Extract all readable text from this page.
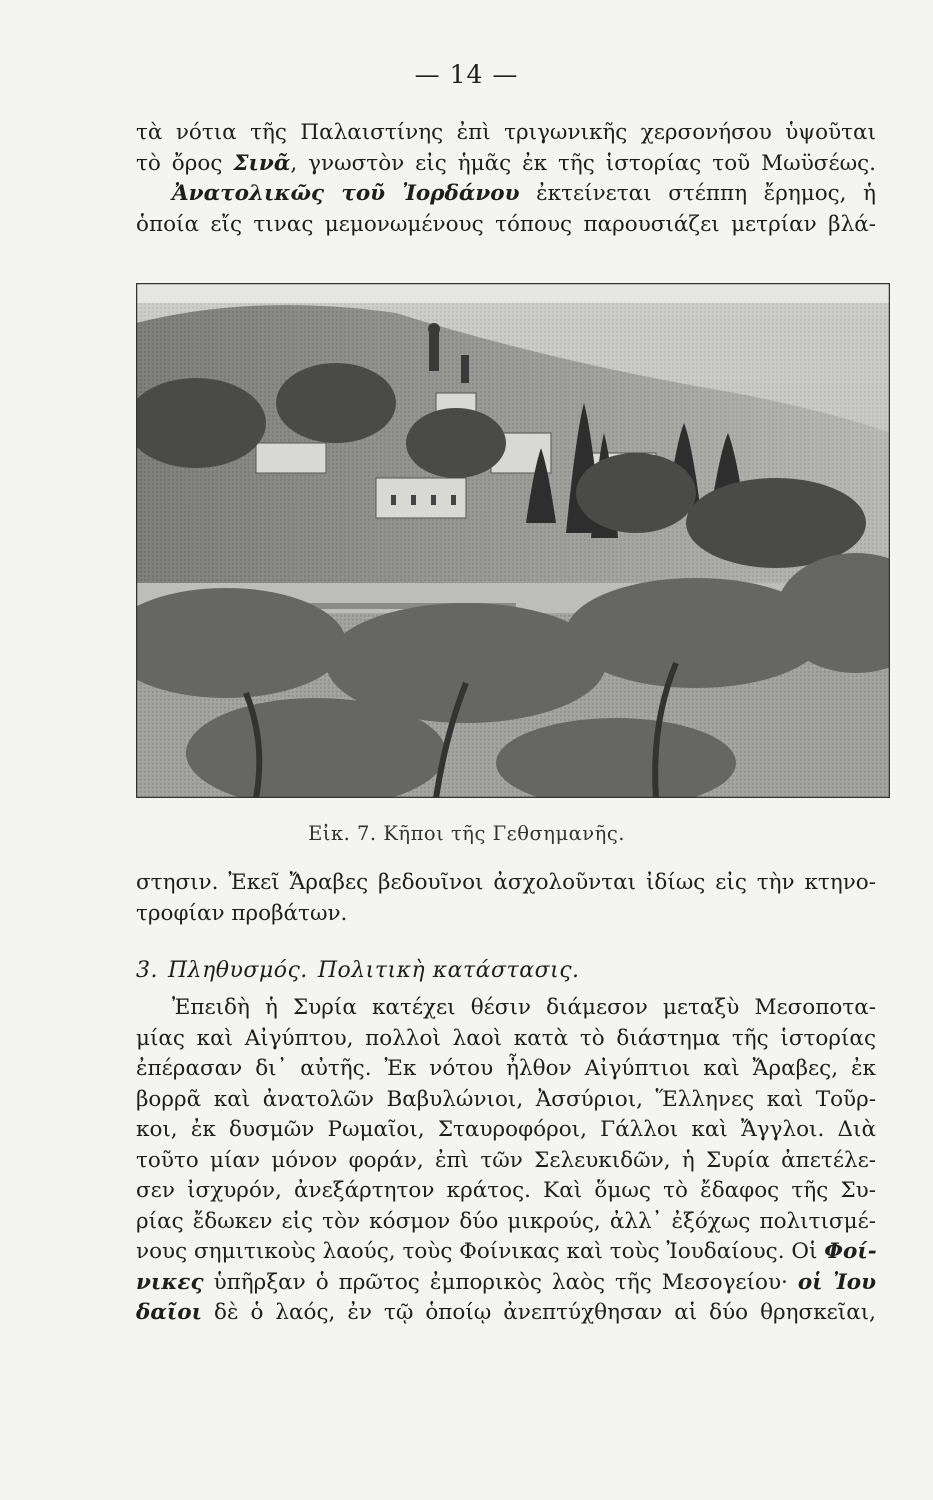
— 14 —
τὰ νότια τῆς Παλαιστίνης ἐπὶ τριγωνικῆς χερσονήσου ὑψοῦται
τὸ ὄρος Σινᾶ, γνωστὸν εἰς ἡμᾶς ἐκ τῆς ἱστορίας τοῦ Μωϋσέως.
Ἀνατολικῶς τοῦ Ἰορδάνου ἐκτείνεται στέππη ἔρημος, ἡ
ὁποία εἴς τινας μεμονωμένους τόπους παρουσιάζει μετρίαν βλά-
Εἰκ. 7. Κῆποι τῆς Γεθσημανῆς.
στησιν. Ἐκεῖ Ἄραβες βεδουῖνοι ἀσχολοῦνται ἰδίως εἰς τὴν κτηνο-
τροφίαν προβάτων.
3. Πληθυσμός. Πολιτικὴ κατάστασις.
Ἐπειδὴ ἡ Συρία κατέχει θέσιν διάμεσον μεταξὺ Μεσοποτα-
μίας καὶ Αἰγύπτου, πολλοὶ λαοὶ κατὰ τὸ διάστημα τῆς ἱστορίας
ἐπέρασαν δι᾽ αὐτῆς. Ἐκ νότου ἦλθον Αἰγύπτιοι καὶ Ἄραβες, ἐκ
βορρᾶ καὶ ἀνατολῶν Βαβυλώνιοι, Ἀσσύριοι, Ἕλληνες καὶ Τοῦρ-
κοι, ἐκ δυσμῶν Ρωμαῖοι, Σταυροφόροι, Γάλλοι καὶ Ἄγγλοι. Διὰ
τοῦτο μίαν μόνον φοράν, ἐπὶ τῶν Σελευκιδῶν, ἡ Συρία ἀπετέλε-
σεν ἰσχυρόν, ἀνεξάρτητον κράτος. Καὶ ὅμως τὸ ἔδαφος τῆς Συ-
ρίας ἔδωκεν εἰς τὸν κόσμον δύο μικρούς, ἀλλ᾽ ἐξόχως πολιτισμέ-
νους σημιτικοὺς λαούς, τοὺς Φοίνικας καὶ τοὺς Ἰουδαίους. Οἱ Φοί-
νικες ὑπῆρξαν ὁ πρῶτος ἐμπορικὸς λαὸς τῆς Μεσογείου· οἱ Ἰου
δαῖοι δὲ ὁ λαός, ἐν τῷ ὁποίῳ ἀνεπτύχθησαν αἱ δύο θρησκεῖαι,
